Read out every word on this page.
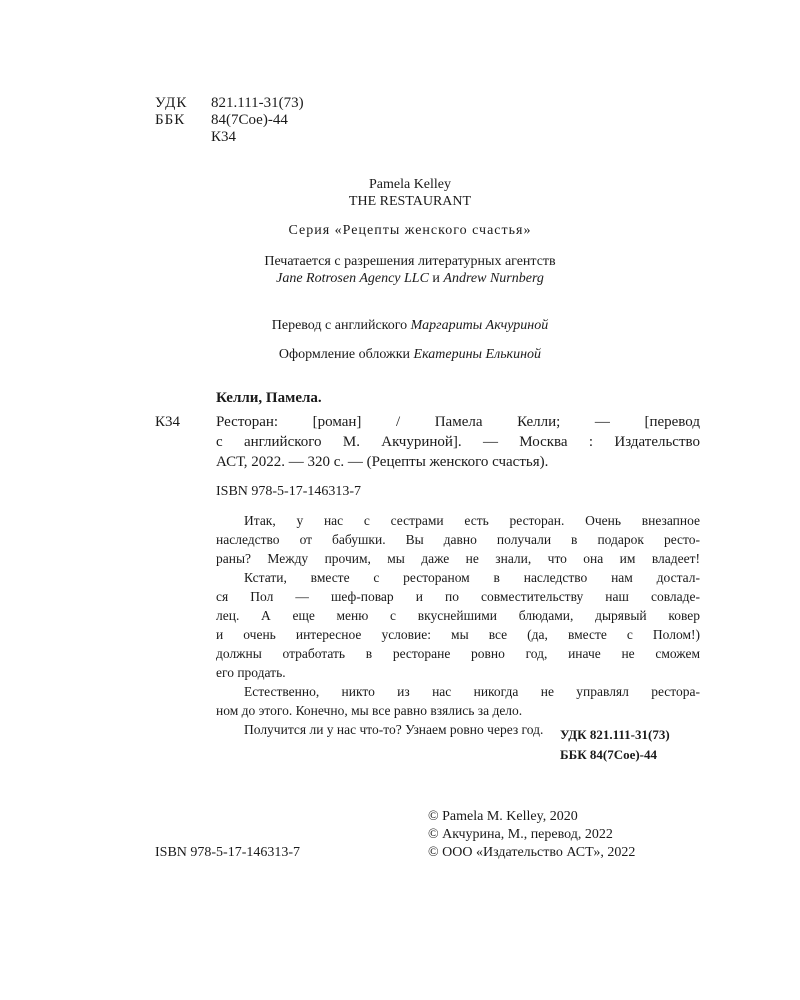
УДК 821.111-31(73)
ББК 84(7Сое)-44
К34
Pamela Kelley
THE RESTAURANT
Серия «Рецепты женского счастья»
Печатается с разрешения литературных агентств
Jane Rotrosen Agency LLC и Andrew Nurnberg
Перевод с английского Маргариты Акчуриной
Оформление обложки Екатерины Елькиной
Келли, Памела.
К34 Ресторан: [роман] / Памела Келли; — [перевод

с английского М. Акчуриной]. — Москва : Издательство

АСТ, 2022. — 320 с. — (Рецепты женского счастья).

ISBN 978-5-17-146313-7
Итак, у нас с сестрами есть ресторан. Очень внезапное
наследство от бабушки. Вы давно получали в подарок ресто-
раны? Между прочим, мы даже не знали, что она им владеет!
Кстати, вместе с рестораном в наследство нам достал-
ся Пол — шеф-повар и по совместительству наш совладе-
лец. А еще меню с вкуснейшими блюдами, дырявый ковер
и очень интересное условие: мы все (да, вместе с Полом!)
должны отработать в ресторане ровно год, иначе не сможем
его продать.
Естественно, никто из нас никогда не управлял рестора-
ном до этого. Конечно, мы все равно взялись за дело.
Получится ли у нас что-то? Узнаем ровно через год.	УДК 821.111-31(73)
ББК 84(7Сое)-44
ISBN 978-5-17-146313-7
© Pamela M. Kelley, 2020
© Акчурина, М., перевод, 2022
© ООО «Издательство АСТ», 2022
